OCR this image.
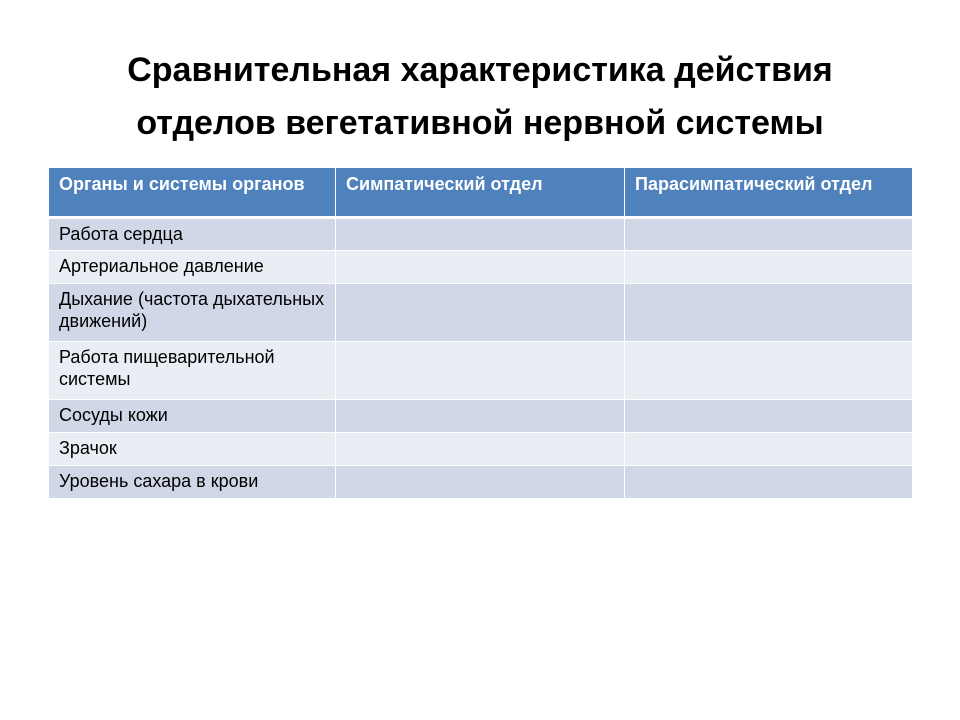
Сравнительная характеристика действия отделов вегетативной нервной системы
Органы и системы органов	Симпатический отдел	Парасимпатический отдел
Работа сердца		
Артериальное давление		
Дыхание (частота дыхательных движений)		
Работа пищеварительной системы		
Сосуды кожи		
Зрачок		
Уровень сахара в крови		
